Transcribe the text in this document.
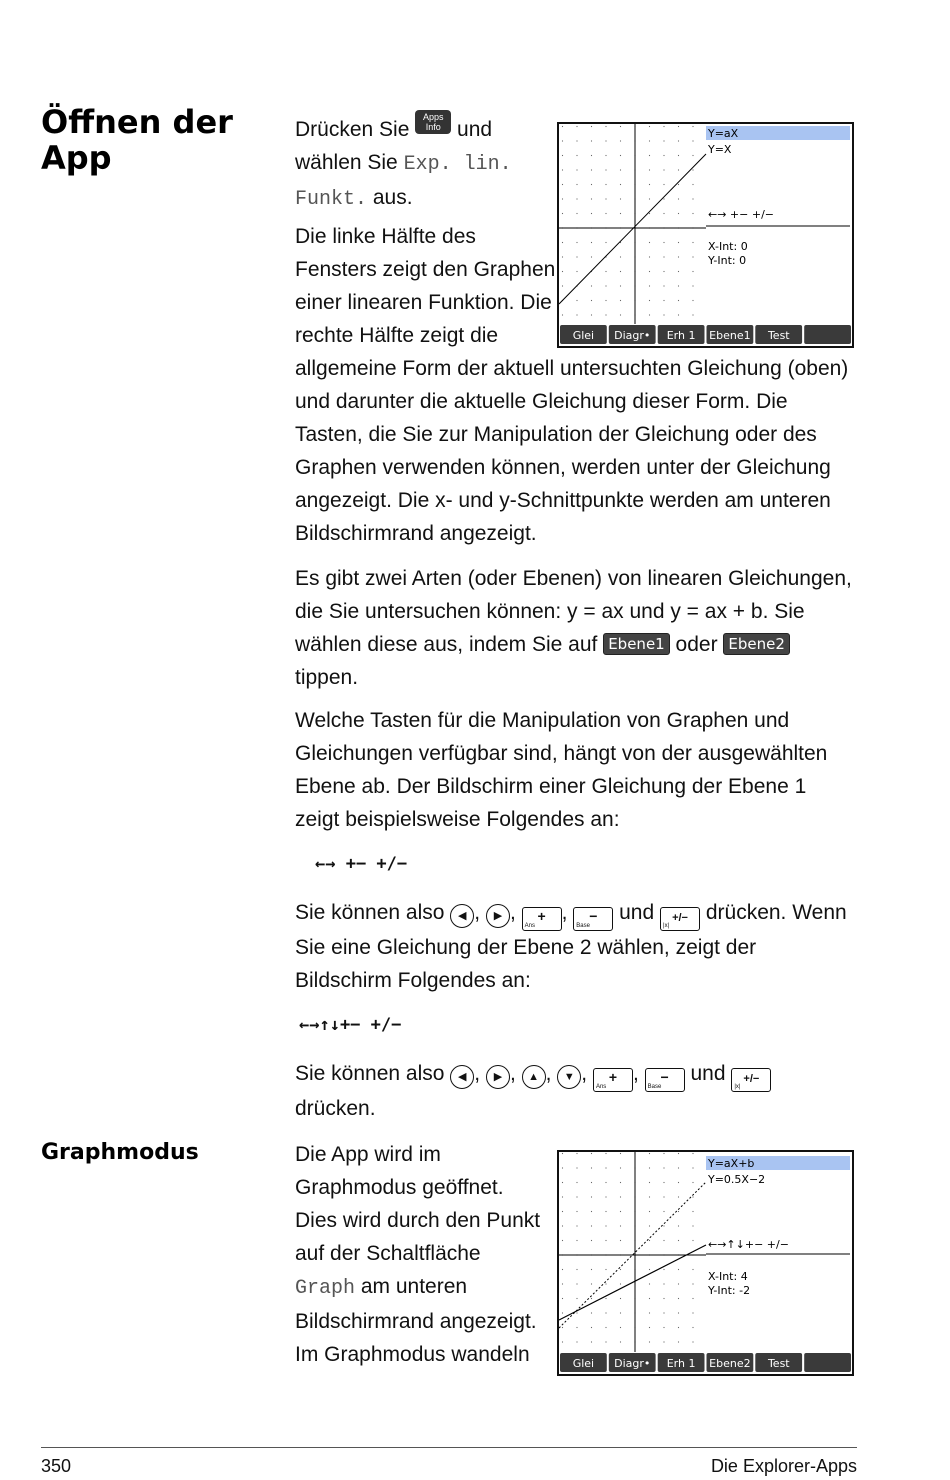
Öffnen der App
Graphmodus
Y=aX
Y=X
←→ +− +/−
X-Int: 0
Y-Int: 0
Glei Diagr• Erh 1 Ebene1 Test
Y=aX+b
Y=0.5X−2
←→↑↓+− +/−
X-Int: 4
Y-Int: -2
Glei Diagr• Erh 1 Ebene2 Test

Drücken Sie Apps Info und wählen Sie Exp. lin. Funkt. aus.

Die linke Hälfte des Fensters zeigt den Graphen einer linearen Funktion. Die rechte Hälfte zeigt die allgemeine Form der aktuell untersuchten Gleichung (oben) und darunter die aktuelle Gleichung dieser Form. Die Tasten, die Sie zur Manipulation der Gleichung oder des Graphen verwenden können, werden unter der Gleichung angezeigt. Die x- und y-Schnittpunkte werden am unteren Bildschirmrand angezeigt.

Es gibt zwei Arten (oder Ebenen) von linearen Gleichungen, die Sie untersuchen können: y = ax und y = ax + b. Sie wählen diese aus, indem Sie auf Ebene1 oder Ebene2 tippen.

Welche Tasten für die Manipulation von Graphen und Gleichungen verfügbar sind, hängt von der ausgewählten Ebene ab. Der Bildschirm einer Gleichung der Ebene 1 zeigt beispielsweise Folgendes an:

←→ +− +/−

Sie können also ◀ , ▶ , +
Ans
, −
Base
und +/−
|x|
drücken. Wenn Sie eine Gleichung der Ebene 2 wählen, zeigt der Bildschirm Folgendes an:

←→↑↓+− +/−

Sie können also ◀ , ▶ , ▲ , ▼ , +
Ans
, −
Base
und +/−
|x|
drücken.

Die App wird im Graphmodus geöffnet. Dies wird durch den Punkt auf der Schaltfläche Graph am unteren Bildschirmrand angezeigt. Im Graphmodus wandeln

350	Die Explorer-Apps
